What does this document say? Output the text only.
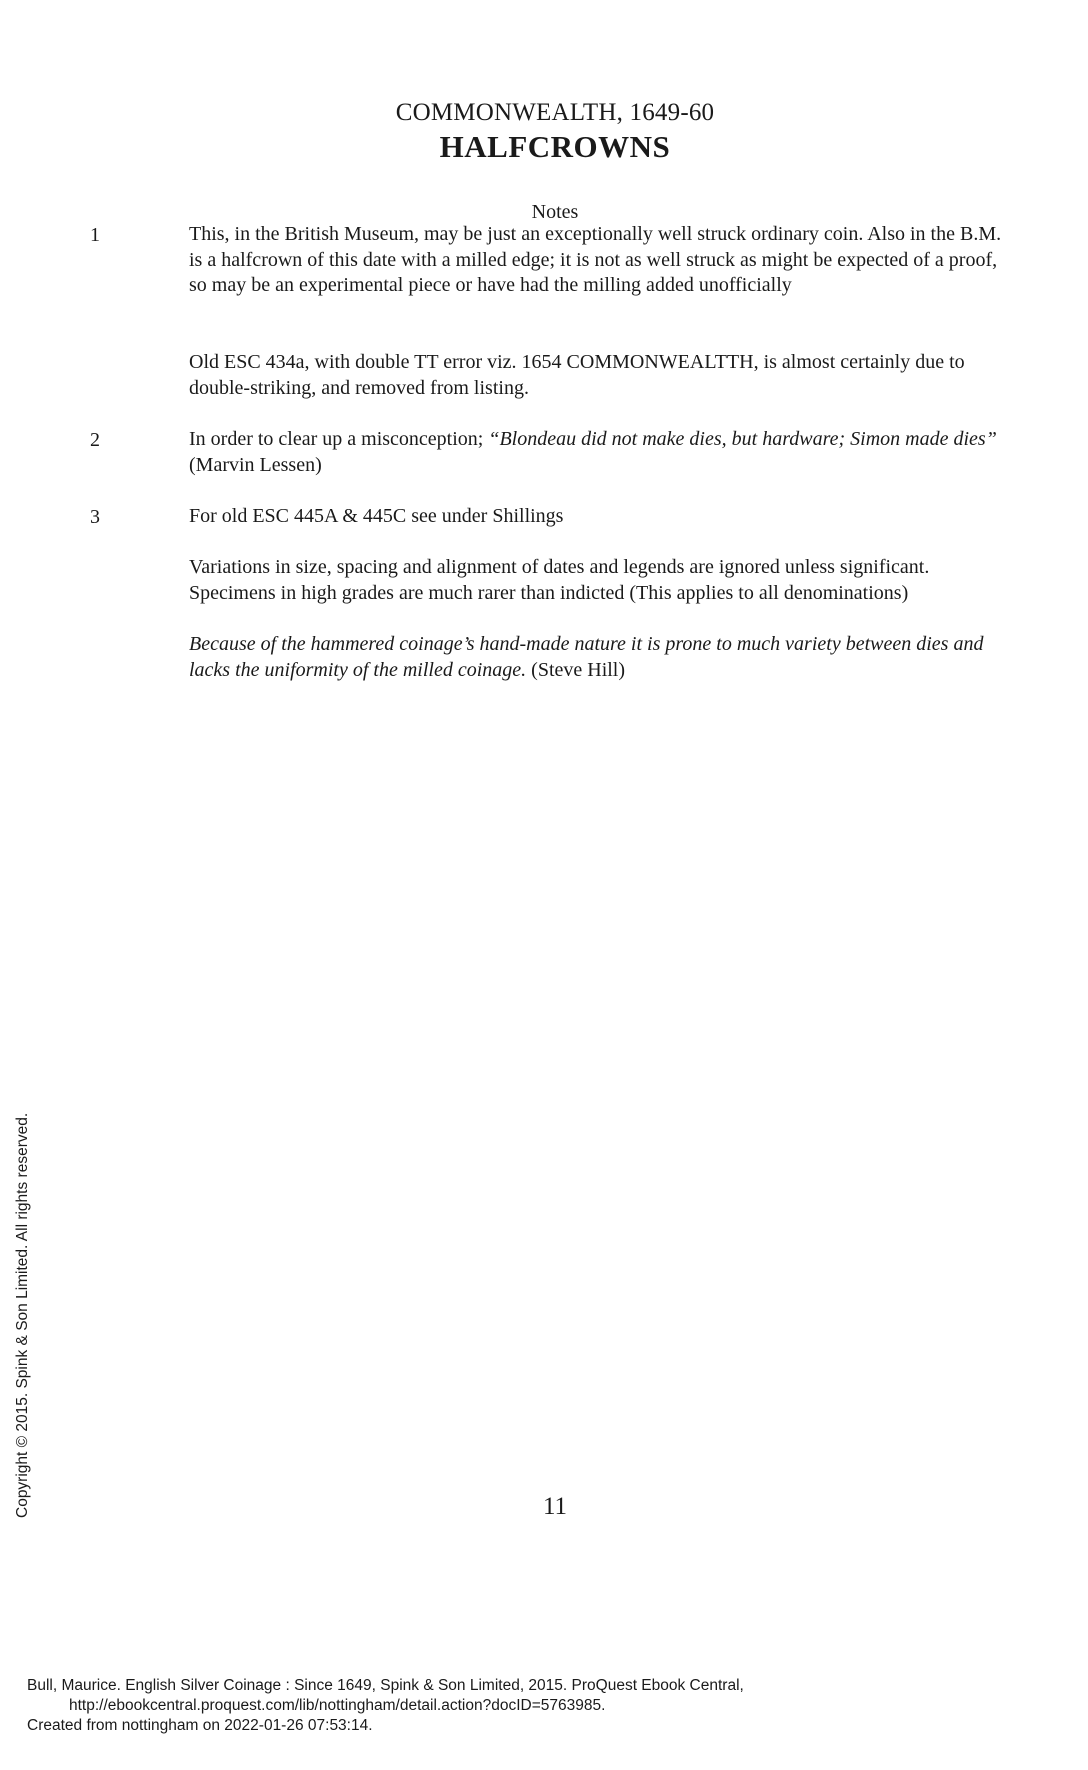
COMMONWEALTH, 1649-60
HALFCROWNS
Notes
1	This, in the British Museum, may be just an exceptionally well struck ordinary coin. Also in the B.M. is a halfcrown of this date with a milled edge; it is not as well struck as might be expected of a proof, so may be an experimental piece or have had the milling added unofficially
Old ESC 434a, with double TT error viz. 1654 COMMONWEALTTH, is almost certainly due to double-striking, and removed from listing.
2	In order to clear up a misconception; “Blondeau did not make dies, but hardware; Simon made dies” (Marvin Lessen)
3	For old ESC 445A & 445C see under Shillings
Variations in size, spacing and alignment of dates and legends are ignored unless significant. Specimens in high grades are much rarer than indicted (This applies to all denominations)
Because of the hammered coinage’s hand-made nature it is prone to much variety between dies and lacks the uniformity of the milled coinage. (Steve Hill)
11
Copyright © 2015. Spink & Son Limited. All rights reserved.
Bull, Maurice. English Silver Coinage : Since 1649, Spink & Son Limited, 2015. ProQuest Ebook Central,
http://ebookcentral.proquest.com/lib/nottingham/detail.action?docID=5763985.
Created from nottingham on 2022-01-26 07:53:14.
